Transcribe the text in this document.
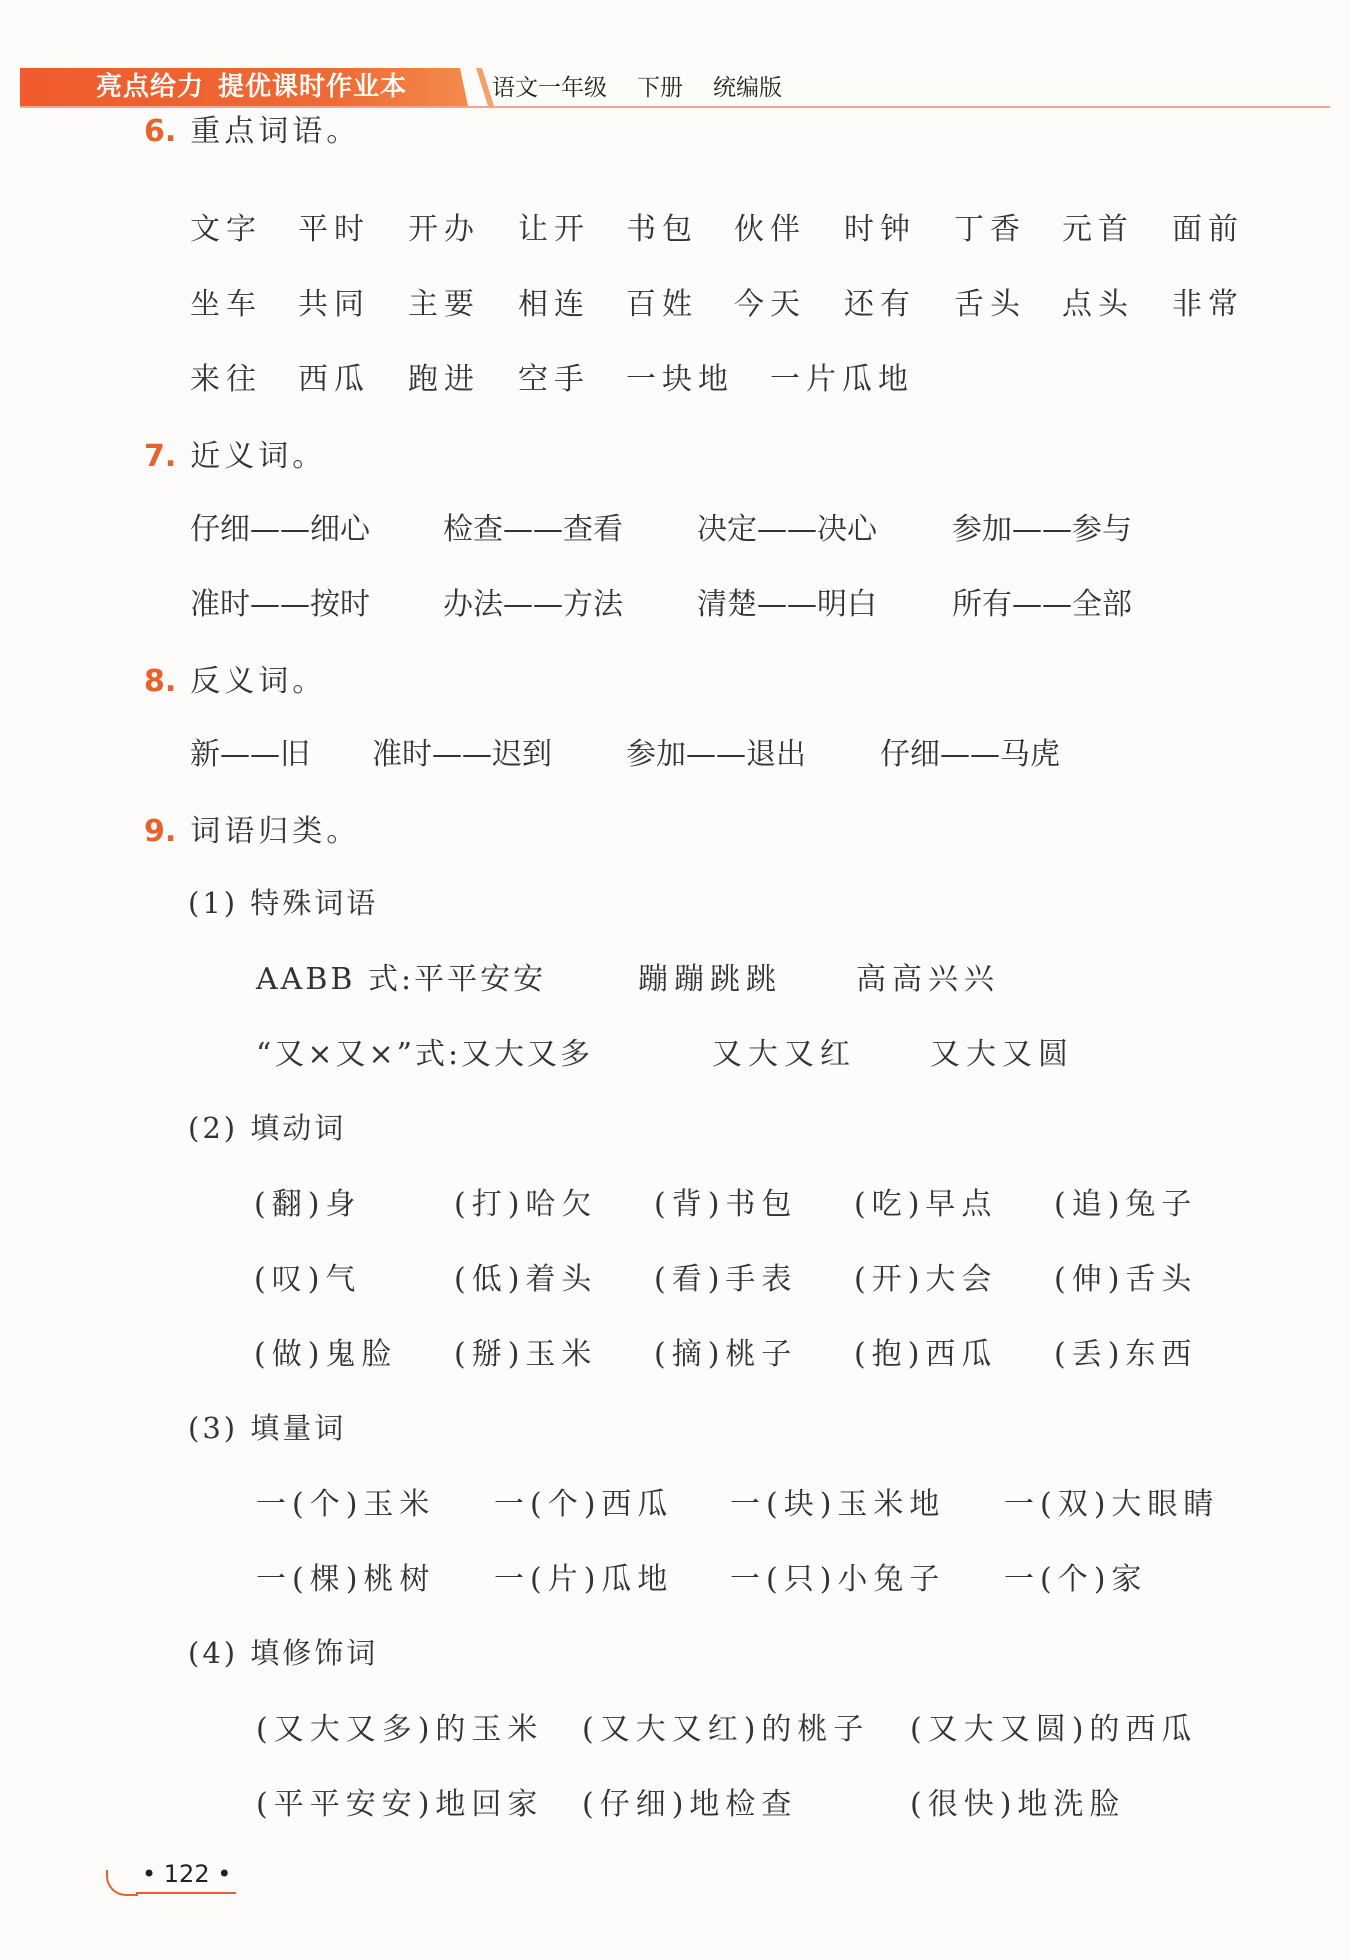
亮点给力 提优课时作业本	语文一年级 下册 统编版
6. 重点词语。
文字 平时 开办 让开 书包 伙伴 时钟 丁香 元首 面前
坐车 共同 主要 相连 百姓 今天 还有 舌头 点头 非常
来往 西瓜 跑进 空手 一块地 一片瓜地
7. 近义词。
仔细——细心 检查——查看 决定——决心	参加——参与
准时——按时 办法——方法 清楚——明白	所有——全部
8. 反义词。
新——旧 准时——迟到 参加——退出 仔细——马虎
9. 词语归类。
(1) 特殊词语
AABB 式:平平安安	蹦蹦跳跳 高高兴兴
“又×又×”式:又大又多	又大又红 又大又圆
(2) 填动词
(翻)身	(打)哈欠 (背)书包 (吃)早点 (追)兔子
(叹)气	(低)着头 (看)手表 (开)大会 (伸)舌头
(做)鬼脸 (掰)玉米 (摘)桃子 (抱)西瓜 (丢)东西
(3) 填量词
一(个)玉米 一(个)西瓜 一(块)玉米地 一(双)大眼睛
一(棵)桃树 一(片)瓜地 一(只)小兔子 一(个)家
(4) 填修饰词
(又大又多)的玉米 (又大又红)的桃子 (又大又圆)的西瓜
(平平安安)地回家 (仔细)地检查	(很快)地洗脸
• 122 •
